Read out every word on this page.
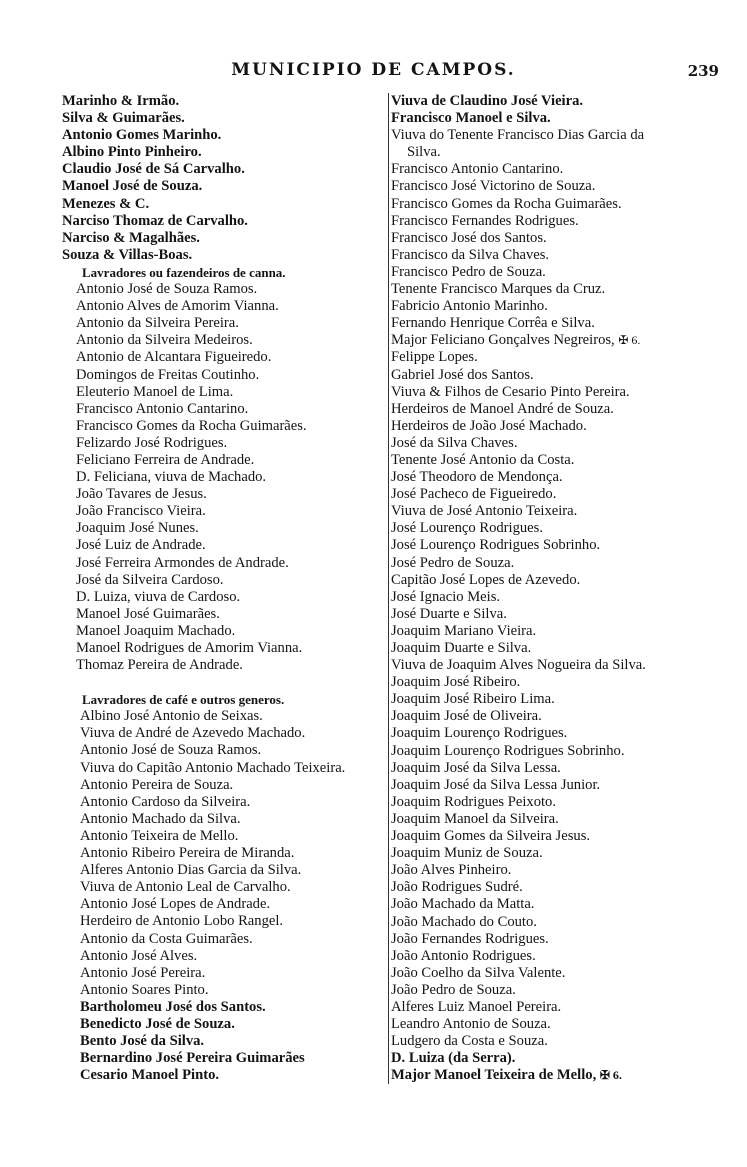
MUNICIPIO DE CAMPOS.	239
Marinho & Irmão.
Silva & Guimarães.
Antonio Gomes Marinho.
Albino Pinto Pinheiro.
Claudio José de Sá Carvalho.
Manoel José de Souza.
Menezes & C.
Narciso Thomaz de Carvalho.
Narciso & Magalhães.
Souza & Villas-Boas.
Lavradores ou fazendeiros de canna.
Antonio José de Souza Ramos.
Antonio Alves de Amorim Vianna.
Antonio da Silveira Pereira.
Antonio da Silveira Medeiros.
Antonio de Alcantara Figueiredo.
Domingos de Freitas Coutinho.
Eleuterio Manoel de Lima.
Francisco Antonio Cantarino.
Francisco Gomes da Rocha Guimarães.
Felizardo José Rodrigues.
Feliciano Ferreira de Andrade.
D. Feliciana, viuva de Machado.
João Tavares de Jesus.
João Francisco Vieira.
Joaquim José Nunes.
José Luiz de Andrade.
José Ferreira Armondes de Andrade.
José da Silveira Cardoso.
D. Luiza, viuva de Cardoso.
Manoel José Guimarães.
Manoel Joaquim Machado.
Manoel Rodrigues de Amorim Vianna.
Thomaz Pereira de Andrade.
Lavradores de café e outros generos.
Albino José Antonio de Seixas.
Viuva de André de Azevedo Machado.
Antonio José de Souza Ramos.
Viuva do Capitão Antonio Machado Teixeira.
Antonio Pereira de Souza.
Antonio Cardoso da Silveira.
Antonio Machado da Silva.
Antonio Teixeira de Mello.
Antonio Ribeiro Pereira de Miranda.
Alferes Antonio Dias Garcia da Silva.
Viuva de Antonio Leal de Carvalho.
Antonio José Lopes de Andrade.
Herdeiro de Antonio Lobo Rangel.
Antonio da Costa Guimarães.
Antonio José Alves.
Antonio José Pereira.
Antonio Soares Pinto.
Bartholomeu José dos Santos.
Benedicto José de Souza.
Bento José da Silva.
Bernardino José Pereira Guimarães
Cesario Manoel Pinto.
Viuva de Claudino José Vieira.
Francisco Manoel e Silva.
Viuva do Tenente Francisco Dias Garcia da
Silva.
Francisco Antonio Cantarino.
Francisco José Victorino de Souza.
Francisco Gomes da Rocha Guimarães.
Francisco Fernandes Rodrigues.
Francisco José dos Santos.
Francisco da Silva Chaves.
Francisco Pedro de Souza.
Tenente Francisco Marques da Cruz.
Fabricio Antonio Marinho.
Fernando Henrique Corrêa e Silva.
Major Feliciano Gonçalves Negreiros, ✠ 6.
Felippe Lopes.
Gabriel José dos Santos.
Viuva & Filhos de Cesario Pinto Pereira.
Herdeiros de Manoel André de Souza.
Herdeiros de João José Machado.
José da Silva Chaves.
Tenente José Antonio da Costa.
José Theodoro de Mendonça.
José Pacheco de Figueiredo.
Viuva de José Antonio Teixeira.
José Lourenço Rodrigues.
José Lourenço Rodrigues Sobrinho.
José Pedro de Souza.
Capitão José Lopes de Azevedo.
José Ignacio Meis.
José Duarte e Silva.
Joaquim Mariano Vieira.
Joaquim Duarte e Silva.
Viuva de Joaquim Alves Nogueira da Silva.
Joaquim José Ribeiro.
Joaquim José Ribeiro Lima.
Joaquim José de Oliveira.
Joaquim Lourenço Rodrigues.
Joaquim Lourenço Rodrigues Sobrinho.
Joaquim José da Silva Lessa.
Joaquim José da Silva Lessa Junior.
Joaquim Rodrigues Peixoto.
Joaquim Manoel da Silveira.
Joaquim Gomes da Silveira Jesus.
Joaquim Muniz de Souza.
João Alves Pinheiro.
João Rodrigues Sudré.
João Machado da Matta.
João Machado do Couto.
João Fernandes Rodrigues.
João Antonio Rodrigues.
João Coelho da Silva Valente.
João Pedro de Souza.
Alferes Luiz Manoel Pereira.
Leandro Antonio de Souza.
Ludgero da Costa e Souza.
D. Luiza (da Serra).
Major Manoel Teixeira de Mello, ✠ 6.
